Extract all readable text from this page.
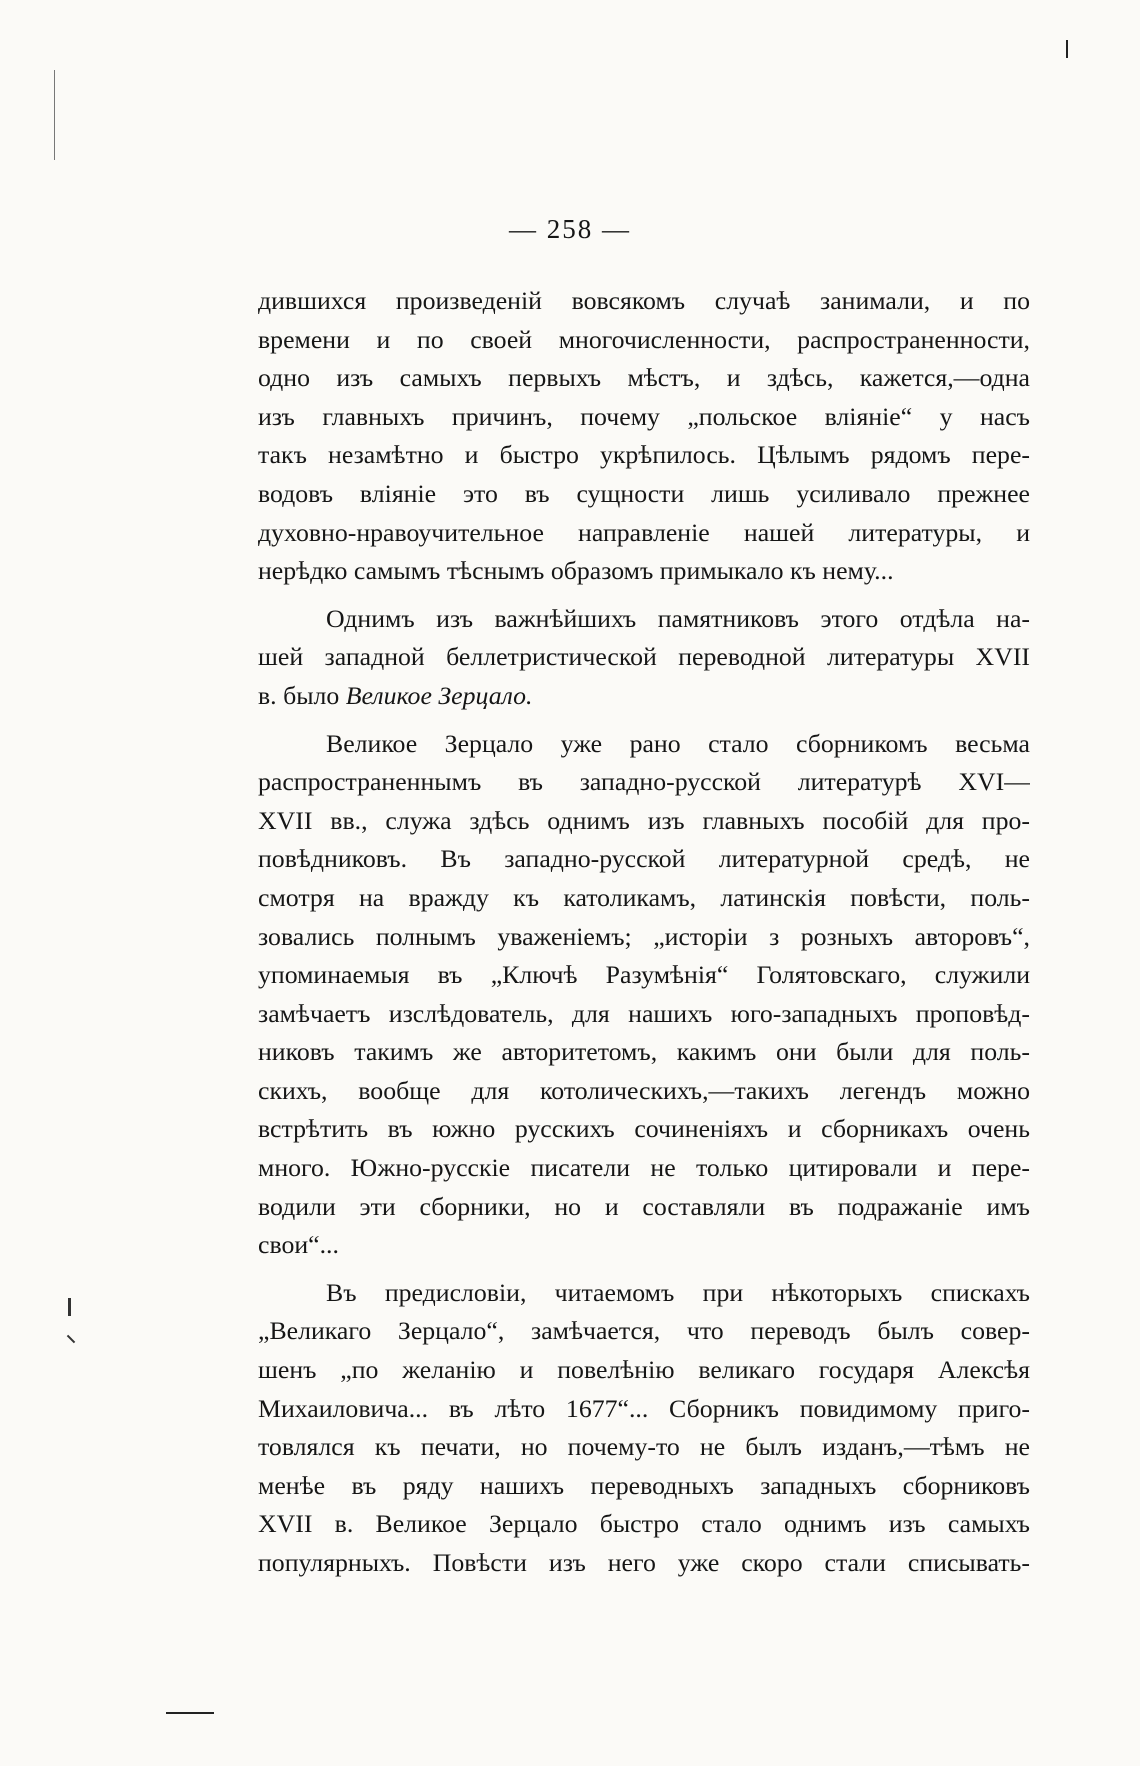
— 258 —
дившихся произведенiй вовсякомъ случаѣ занимали, и по
времени и по своей многочисленности, распространенности,
одно изъ самыхъ первыхъ мѣстъ, и здѣсь, кажется,—одна
изъ главныхъ причинъ, почему „польское влiянiе“ у насъ
такъ незамѣтно и быстро укрѣпилось. Цѣлымъ рядомъ пере-
водовъ влiянiе это въ сущности лишь усиливало прежнее
духовно-нравоучительное направленiе нашей литературы, и
нерѣдко самымъ тѣснымъ образомъ примыкало къ нему...
Однимъ изъ важнѣйшихъ памятниковъ этого отдѣла на-
шей западной беллетристической переводной литературы XVII
в. было Великое Зерцало.
Великое Зерцало уже рано стало сборникомъ весьма
распространеннымъ въ западно-русской литературѣ XVI—
XVII вв., служа здѣсь однимъ изъ главныхъ пособiй для про-
повѣдниковъ. Въ западно-русской литературной средѣ, не
смотря на вражду къ католикамъ, латинскiя повѣсти, поль-
зовались полнымъ уваженiемъ; „исторiи з розныхъ авторовъ“,
упоминаемыя въ „Ключѣ Разумѣнiя“ Голятовскаго, служили
замѣчаетъ изслѣдователь, для нашихъ юго-западныхъ проповѣд-
никовъ такимъ же авторитетомъ, какимъ они были для поль-
скихъ, вообще для котолическихъ,—такихъ легендъ можно
встрѣтить въ южно русскихъ сочиненiяхъ и сборникахъ очень
много. Южно-русскiе писатели не только цитировали и пере-
водили эти сборники, но и составляли въ подражанiе имъ
свои“...
Въ предисловiи, читаемомъ при нѣкоторыхъ спискахъ
„Великаго Зерцало“, замѣчается, что переводъ былъ совер-
шенъ „по желанiю и повелѣнiю великаго государя Алексѣя
Михаиловича... въ лѣто 1677“... Сборникъ повидимому приго-
товлялся къ печати, но почему-то не былъ изданъ,—тѣмъ не
менѣе въ ряду нашихъ переводныхъ западныхъ сборниковъ
XVII в. Великое Зерцало быстро стало однимъ изъ самыхъ
популярныхъ. Повѣсти изъ него уже скоро стали списывать-
